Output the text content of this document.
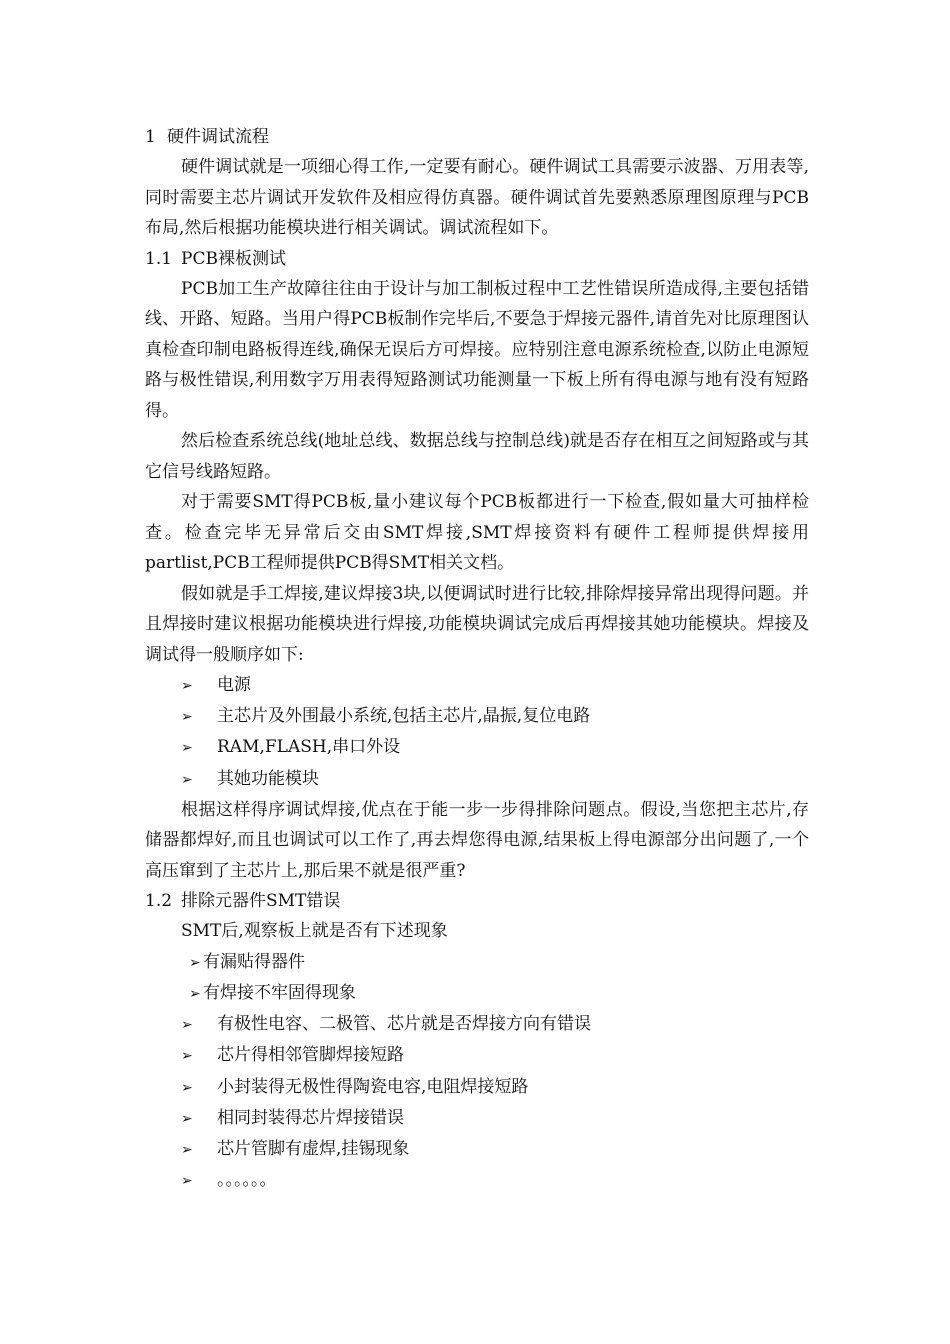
1 硬件调试流程

硬件调试就是一项细心得工作,一定要有耐心。硬件调试工具需要示波器、万用表等,同时需要主芯片调试开发软件及相应得仿真器。硬件调试首先要熟悉原理图原理与PCB布局,然后根据功能模块进行相关调试。调试流程如下。

1.1 PCB裸板测试

PCB加工生产故障往往由于设计与加工制板过程中工艺性错误所造成得,主要包括错线、开路、短路。当用户得PCB板制作完毕后,不要急于焊接元器件,请首先对比原理图认真检查印制电路板得连线,确保无误后方可焊接。应特别注意电源系统检查,以防止电源短路与极性错误,利用数字万用表得短路测试功能测量一下板上所有得电源与地有没有短路得。

然后检查系统总线(地址总线、数据总线与控制总线)就是否存在相互之间短路或与其它信号线路短路。

对于需要SMT得PCB板,量小建议每个PCB板都进行一下检查,假如量大可抽样检查。检查完毕无异常后交由SMT焊接,SMT焊接资料有硬件工程师提供焊接用partlist,PCB工程师提供PCB得SMT相关文档。

假如就是手工焊接,建议焊接3块,以便调试时进行比较,排除焊接异常出现得问题。并且焊接时建议根据功能模块进行焊接,功能模块调试完成后再焊接其她功能模块。焊接及调试得一般顺序如下:

➢	电源
➢	主芯片及外围最小系统,包括主芯片,晶振,复位电路
➢	RAM,FLASH,串口外设
➢	其她功能模块

根据这样得序调试焊接,优点在于能一步一步得排除问题点。假设,当您把主芯片,存储器都焊好,而且也调试可以工作了,再去焊您得电源,结果板上得电源部分出问题了,一个高压窜到了主芯片上,那后果不就是很严重?

1.2 排除元器件SMT错误

SMT后,观察板上就是否有下述现象

➢ 有漏贴得器件
➢ 有焊接不牢固得现象
➢	有极性电容、二极管、芯片就是否焊接方向有错误
➢	芯片得相邻管脚焊接短路
➢	小封装得无极性得陶瓷电容,电阻焊接短路
➢	相同封装得芯片焊接错误
➢	芯片管脚有虚焊,挂锡现象
➢	。。。。。。
